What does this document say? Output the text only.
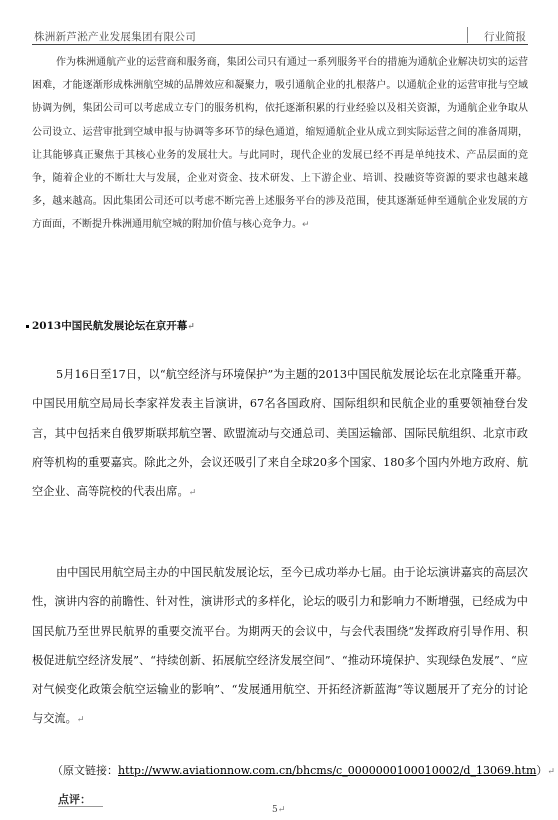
株洲新芦淞产业发展集团有限公司	行业简报
作为株洲通航产业的运营商和服务商，集团公司只有通过一系列服务平台的措施为通航企业解决切实的运营困难，才能逐渐形成株洲航空城的品牌效应和凝聚力，吸引通航企业的扎根落户。以通航企业的运营审批与空域协调为例，集团公司可以考虑成立专门的服务机构，依托逐渐积累的行业经验以及相关资源，为通航企业争取从公司设立、运营审批到空域申报与协调等多环节的绿色通道，缩短通航企业从成立到实际运营之间的准备周期，让其能够真正聚焦于其核心业务的发展壮大。与此同时，现代企业的发展已经不再是单纯技术、产品层面的竞争，随着企业的不断壮大与发展，企业对资金、技术研发、上下游企业、培训、投融资等资源的要求也越来越多，越来越高。因此集团公司还可以考虑不断完善上述服务平台的涉及范围，使其逐渐延伸至通航企业发展的方方面面，不断提升株洲通用航空城的附加价值与核心竞争力。↵
2013中国民航发展论坛在京开幕↵
5月16日至17日，以“航空经济与环境保护”为主题的2013中国民航发展论坛在北京隆重开幕。中国民用航空局局长李家祥发表主旨演讲，67名各国政府、国际组织和民航企业的重要领袖登台发言，其中包括来自俄罗斯联邦航空署、欧盟流动与交通总司、美国运输部、国际民航组织、北京市政府等机构的重要嘉宾。除此之外，会议还吸引了来自全球20多个国家、180多个国内外地方政府、航空企业、高等院校的代表出席。↵
由中国民用航空局主办的中国民航发展论坛，至今已成功举办七届。由于论坛演讲嘉宾的高层次性，演讲内容的前瞻性、针对性，演讲形式的多样化，论坛的吸引力和影响力不断增强，已经成为中国民航乃至世界民航界的重要交流平台。为期两天的会议中，与会代表围绕“发挥政府引导作用、积极促进航空经济发展”、“持续创新、拓展航空经济发展空间”、“推动环境保护、实现绿色发展”、“应对气候变化政策会航空运输业的影响”、“发展通用航空、开拓经济新蓝海”等议题展开了充分的讨论与交流。↵
（原文链接：http://www.aviationnow.com.cn/bhcms/c_0000000100010002/d_13069.htm）↵
点评：
5↵
